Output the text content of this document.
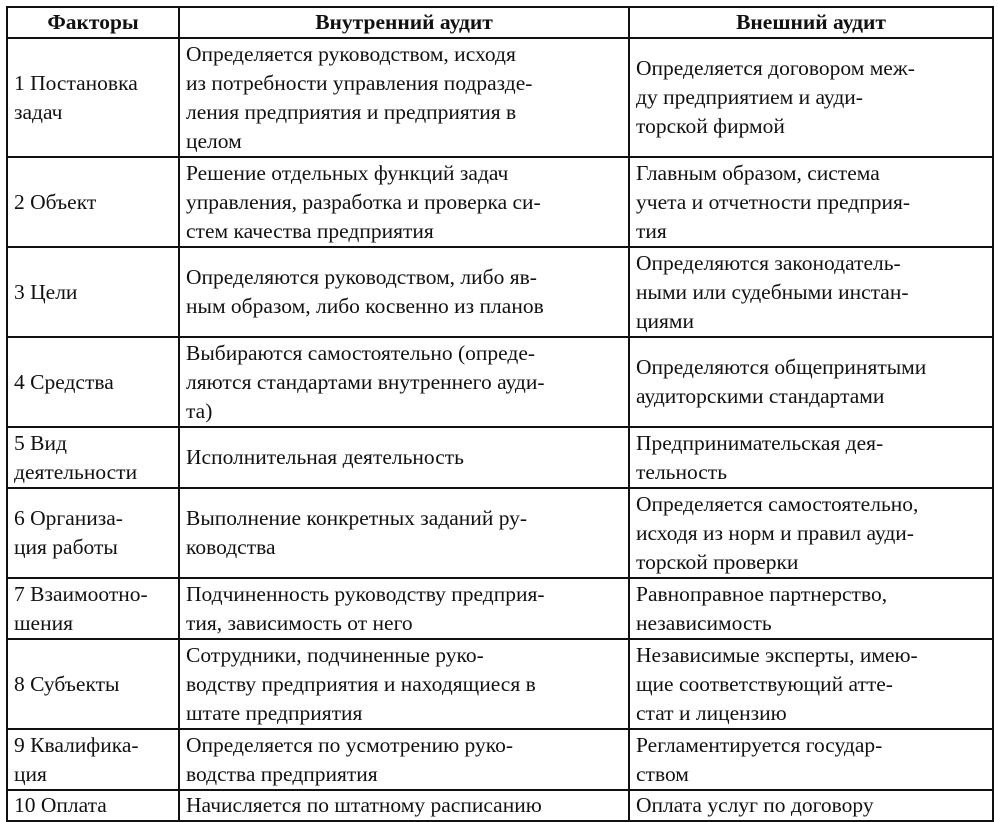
Факторы	Внутренний аудит	Внешний аудит
1 Постановка
задач	Определяется руководством, исходя
из потребности управления подразде-
ления предприятия и предприятия в
целом	Определяется договором меж-
ду предприятием и ауди-
торской фирмой
2 Объект	Решение отдельных функций задач
управления, разработка и проверка си-
стем качества предприятия	Главным образом, система
учета и отчетности предприя-
тия
3 Цели	Определяются руководством, либо яв-
ным образом, либо косвенно из планов	Определяются законодатель-
ными или судебными инстан-
циями
4 Средства	Выбираются самостоятельно (опреде-
ляются стандартами внутреннего ауди-
та)	Определяются общепринятыми
аудиторскими стандартами
5 Вид
деятельности	Исполнительная деятельность	Предпринимательская дея-
тельность
6 Организа-
ция работы	Выполнение конкретных заданий ру-
ководства	Определяется самостоятельно,
исходя из норм и правил ауди-
торской проверки
7 Взаимоотно-
шения	Подчиненность руководству предприя-
тия, зависимость от него	Равноправное партнерство,
независимость
8 Субъекты	Сотрудники, подчиненные руко-
водству предприятия и находящиеся в
штате предприятия	Независимые эксперты, имею-
щие соответствующий атте-
стат и лицензию
9 Квалифика-
ция	Определяется по усмотрению руко-
водства предприятия	Регламентируется государ-
ством
10 Оплата	Начисляется по штатному расписанию	Оплата услуг по договору
